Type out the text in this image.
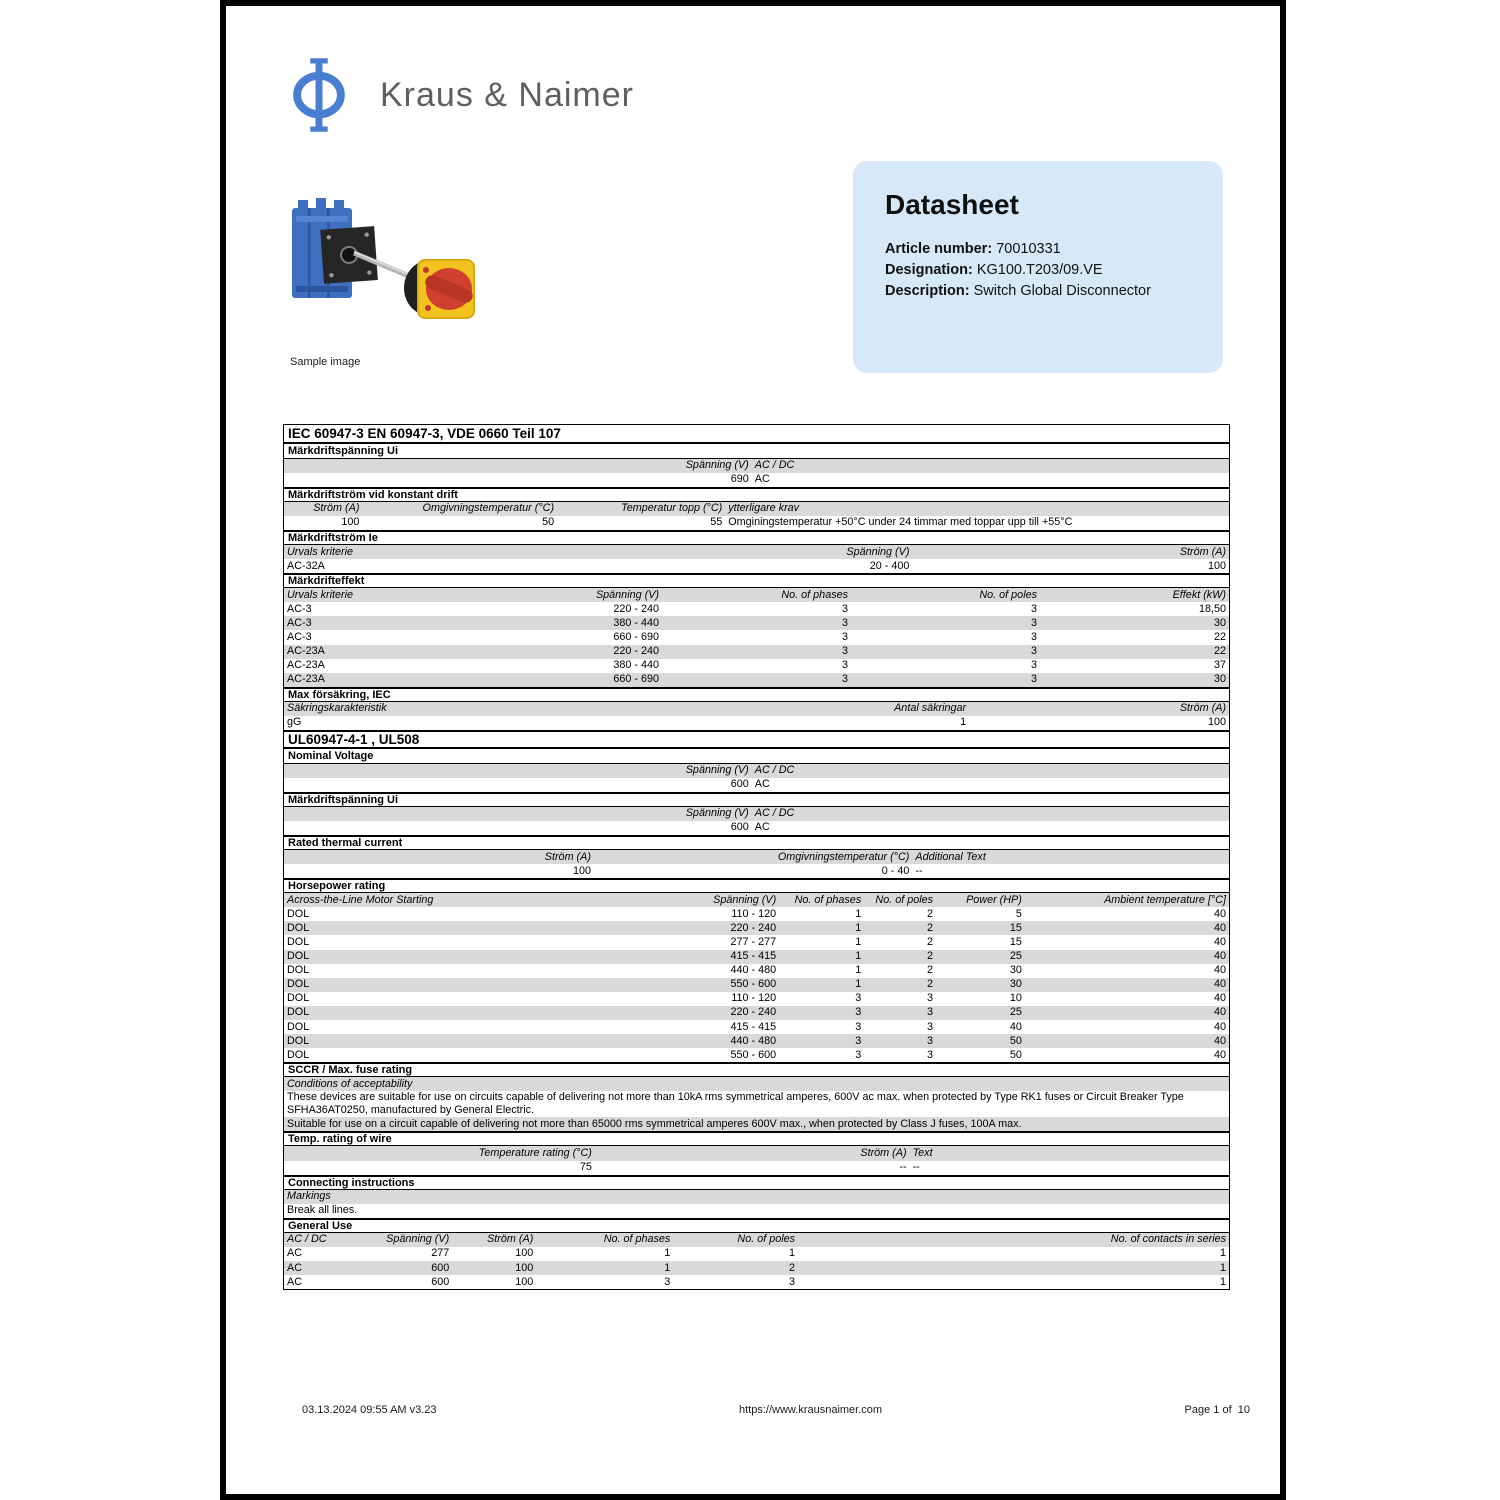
Kraus & Naimer
Sample image
Datasheet
Article number: 70010331
Designation: KG100.T203/09.VE
Description: Switch Global Disconnector
IEC 60947-3 EN 60947-3, VDE 0660 Teil 107
Märkdriftspänning Ui
Spänning (V) AC / DC
690 AC
Märkdriftström vid konstant drift
Ström (A)	Omgivningstemperatur (°C)	Temperatur topp (°C) ytterligare krav
100	50	55 Omginingstemperatur +50°C under 24 timmar med toppar upp till +55°C
Märkdriftström Ie
Urvals kriterie	Spänning (V)	Ström (A)
AC-32A	20 - 400	100
Märkdrifteffekt
Urvals kriterie	Spänning (V)	No. of phases	No. of poles	Effekt (kW)
AC-3	220 - 240	3	3	18,50
AC-3	380 - 440	3	3	30
AC-3	660 - 690	3	3	22
AC-23A	220 - 240	3	3	22
AC-23A	380 - 440	3	3	37
AC-23A	660 - 690	3	3	30
Max försäkring, IEC
Säkringskarakteristik	Antal säkringar	Ström (A)
gG	1	100
UL60947-4-1 , UL508
Nominal Voltage
Spänning (V) AC / DC
600 AC
Märkdriftspänning Ui
Spänning (V) AC / DC
600 AC
Rated thermal current
Ström (A)	Omgivningstemperatur (°C) Additional Text
100	0 - 40 --
Horsepower rating
Across-the-Line Motor Starting	Spänning (V)	No. of phases	No. of poles	Power (HP)	Ambient temperature [°C]
DOL	110 - 120	1	2	5	40
DOL	220 - 240	1	2	15	40
DOL	277 - 277	1	2	15	40
DOL	415 - 415	1	2	25	40
DOL	440 - 480	1	2	30	40
DOL	550 - 600	1	2	30	40
DOL	110 - 120	3	3	10	40
DOL	220 - 240	3	3	25	40
DOL	415 - 415	3	3	40	40
DOL	440 - 480	3	3	50	40
DOL	550 - 600	3	3	50	40
SCCR / Max. fuse rating
Conditions of acceptability
These devices are suitable for use on circuits capable of delivering not more than 10kA rms symmetrical amperes, 600V ac max. when protected by Type RK1 fuses or Circuit Breaker Type SFHA36AT0250, manufactured by General Electric.
Suitable for use on a circuit capable of delivering not more than 65000 rms symmetrical amperes 600V max., when protected by Class J fuses, 100A max.
Temp. rating of wire
Temperature rating (°C)	Ström (A) Text
75	-- --
Connecting instructions
Markings
Break all lines.
General Use
AC / DC	Spänning (V)	Ström (A)	No. of phases	No. of poles	No. of contacts in series
AC	277	100	1	1	1
AC	600	100	1	2	1
AC	600	100	3	3	1
03.13.2024 09:55 AM v3.23	https://www.krausnaimer.com	Page 1 of  10
